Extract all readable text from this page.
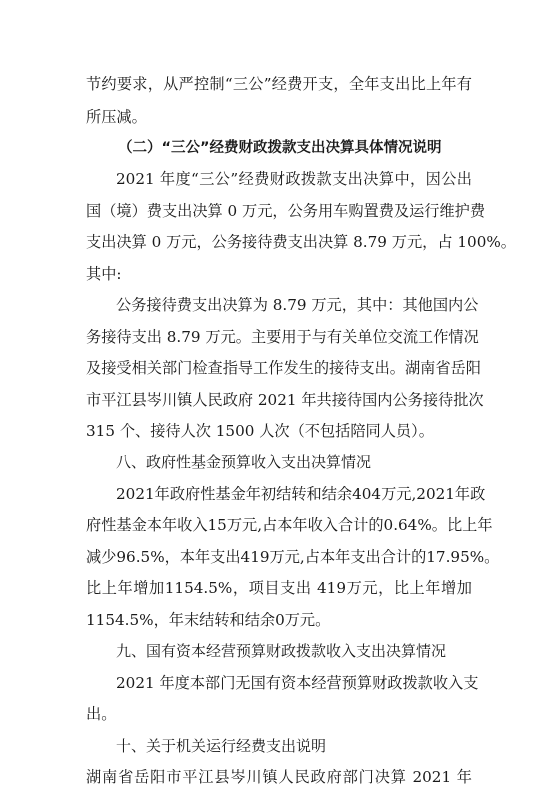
节约要求，从严控制“三公”经费开支，全年支出比上年有
所压减。
（二）“三公”经费财政拨款支出决算具体情况说明
2021 年度“三公”经费财政拨款支出决算中，因公出
国（境）费支出决算 0 万元，公务用车购置费及运行维护费
支出决算 0 万元，公务接待费支出决算 8.79 万元，占 100%。
其中:
公务接待费支出决算为 8.79 万元，其中：其他国内公
务接待支出 8.79 万元。主要用于与有关单位交流工作情况
及接受相关部门检查指导工作发生的接待支出。湖南省岳阳
市平江县岑川镇人民政府 2021 年共接待国内公务接待批次
315 个、接待人次 1500 人次（不包括陪同人员）。
八、政府性基金预算收入支出决算情况
2021年政府性基金年初结转和结余404万元,2021年政
府性基金本年收入15万元,占本年收入合计的0.64%。比上年
减少96.5%，本年支出419万元,占本年支出合计的17.95%。
比上年增加1154.5%，项目支出 419万元，比上年增加
1154.5%，年末结转和结余0万元。
九、国有资本经营预算财政拨款收入支出决算情况
2021 年度本部门无国有资本经营预算财政拨款收入支
出。
十、关于机关运行经费支出说明
湖南省岳阳市平江县岑川镇人民政府部门决算 2021 年
